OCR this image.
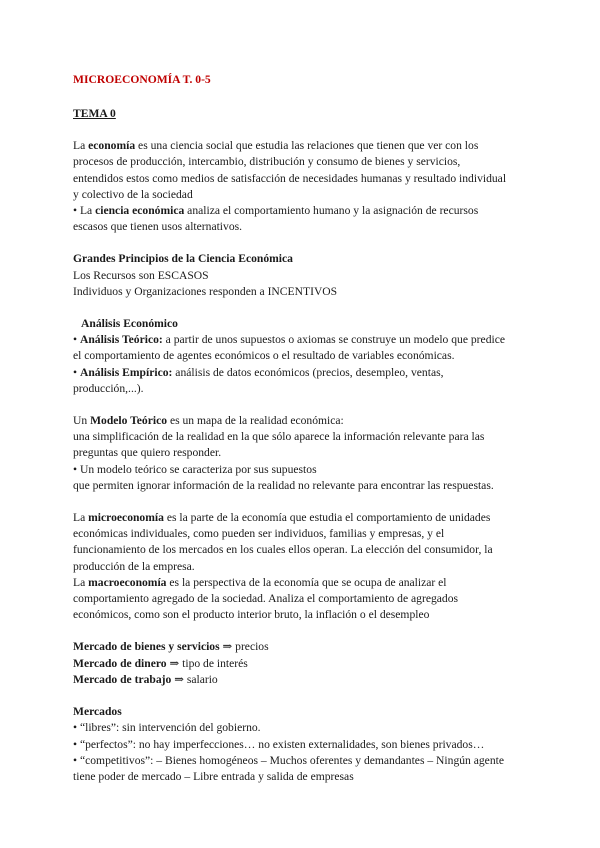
MICROECONOMÍA T. 0-5
TEMA 0
La economía es una ciencia social que estudia las relaciones que tienen que ver con los
procesos de producción, intercambio, distribución y consumo de bienes y servicios,
entendidos estos como medios de satisfacción de necesidades humanas y resultado individual
y colectivo de la sociedad
• La ciencia económica analiza el comportamiento humano y la asignación de recursos
escasos que tienen usos alternativos.
Grandes Principios de la Ciencia Económica
Los Recursos son ESCASOS
Individuos y Organizaciones responden a INCENTIVOS
Análisis Económico
• Análisis Teórico: a partir de unos supuestos o axiomas se construye un modelo que predice
el comportamiento de agentes económicos o el resultado de variables económicas.
• Análisis Empírico: análisis de datos económicos (precios, desempleo, ventas,
producción,...).
Un Modelo Teórico es un mapa de la realidad económica:
una simplificación de la realidad en la que sólo aparece la información relevante para las
preguntas que quiero responder.
• Un modelo teórico se caracteriza por sus supuestos
que permiten ignorar información de la realidad no relevante para encontrar las respuestas.
La microeconomía es la parte de la economía que estudia el comportamiento de unidades
económicas individuales, como pueden ser individuos, familias y empresas, y el
funcionamiento de los mercados en los cuales ellos operan. La elección del consumidor, la
producción de la empresa.
La macroeconomía es la perspectiva de la economía que se ocupa de analizar el
comportamiento agregado de la sociedad. Analiza el comportamiento de agregados
económicos, como son el producto interior bruto, la inflación o el desempleo
Mercado de bienes y servicios ⇒ precios
Mercado de dinero ⇒ tipo de interés
Mercado de trabajo ⇒ salario
Mercados
• “libres”: sin intervención del gobierno.
• “perfectos”: no hay imperfecciones… no existen externalidades, son bienes privados…
• “competitivos”: – Bienes homogéneos – Muchos oferentes y demandantes – Ningún agente
tiene poder de mercado – Libre entrada y salida de empresas
